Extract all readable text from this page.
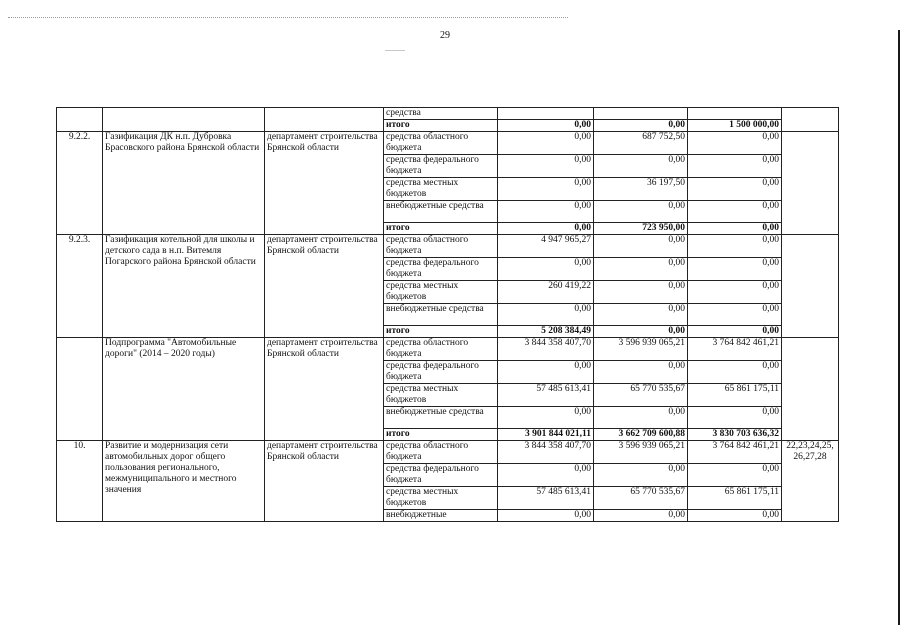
29
			средства				
			итого	0,00	0,00	1 500 000,00	
9.2.2.	Газификация ДК н.п. Дубровка Брасовского района Брянской области	департамент строительства Брянской области	средства областного бюджета	0,00	687 752,50	0,00	
			средства федерального бюджета	0,00	0,00	0,00	
			средства местных бюджетов	0,00	36 197,50	0,00	
			внебюджетные средства	0,00	0,00	0,00	
			итого	0,00	723 950,00	0,00	
9.2.3.	Газификация котельной для школы и детского сада в н.п. Витемля Погарского района Брянской области	департамент строительства Брянской области	средства областного бюджета	4 947 965,27	0,00	0,00	
			средства федерального бюджета	0,00	0,00	0,00	
			средства местных бюджетов	260 419,22	0,00	0,00	
			внебюджетные средства	0,00	0,00	0,00	
			итого	5 208 384,49	0,00	0,00	
	Подпрограмма "Автомобильные дороги" (2014 – 2020 годы)	департамент строительства Брянской области	средства областного бюджета	3 844 358 407,70	3 596 939 065,21	3 764 842 461,21	
			средства федерального бюджета	0,00	0,00	0,00	
			средства местных бюджетов	57 485 613,41	65 770 535,67	65 861 175,11	
			внебюджетные средства	0,00	0,00	0,00	
			итого	3 901 844 021,11	3 662 709 600,88	3 830 703 636,32	
10.	Развитие и модернизация сети автомобильных дорог общего пользования регионального, межмуниципального и местного значения	департамент строительства Брянской области	средства областного бюджета	3 844 358 407,70	3 596 939 065,21	3 764 842 461,21	22,23,24,25,26,27,28
			средства федерального бюджета	0,00	0,00	0,00	
			средства местных бюджетов	57 485 613,41	65 770 535,67	65 861 175,11	
			внебюджетные	0,00	0,00	0,00	
